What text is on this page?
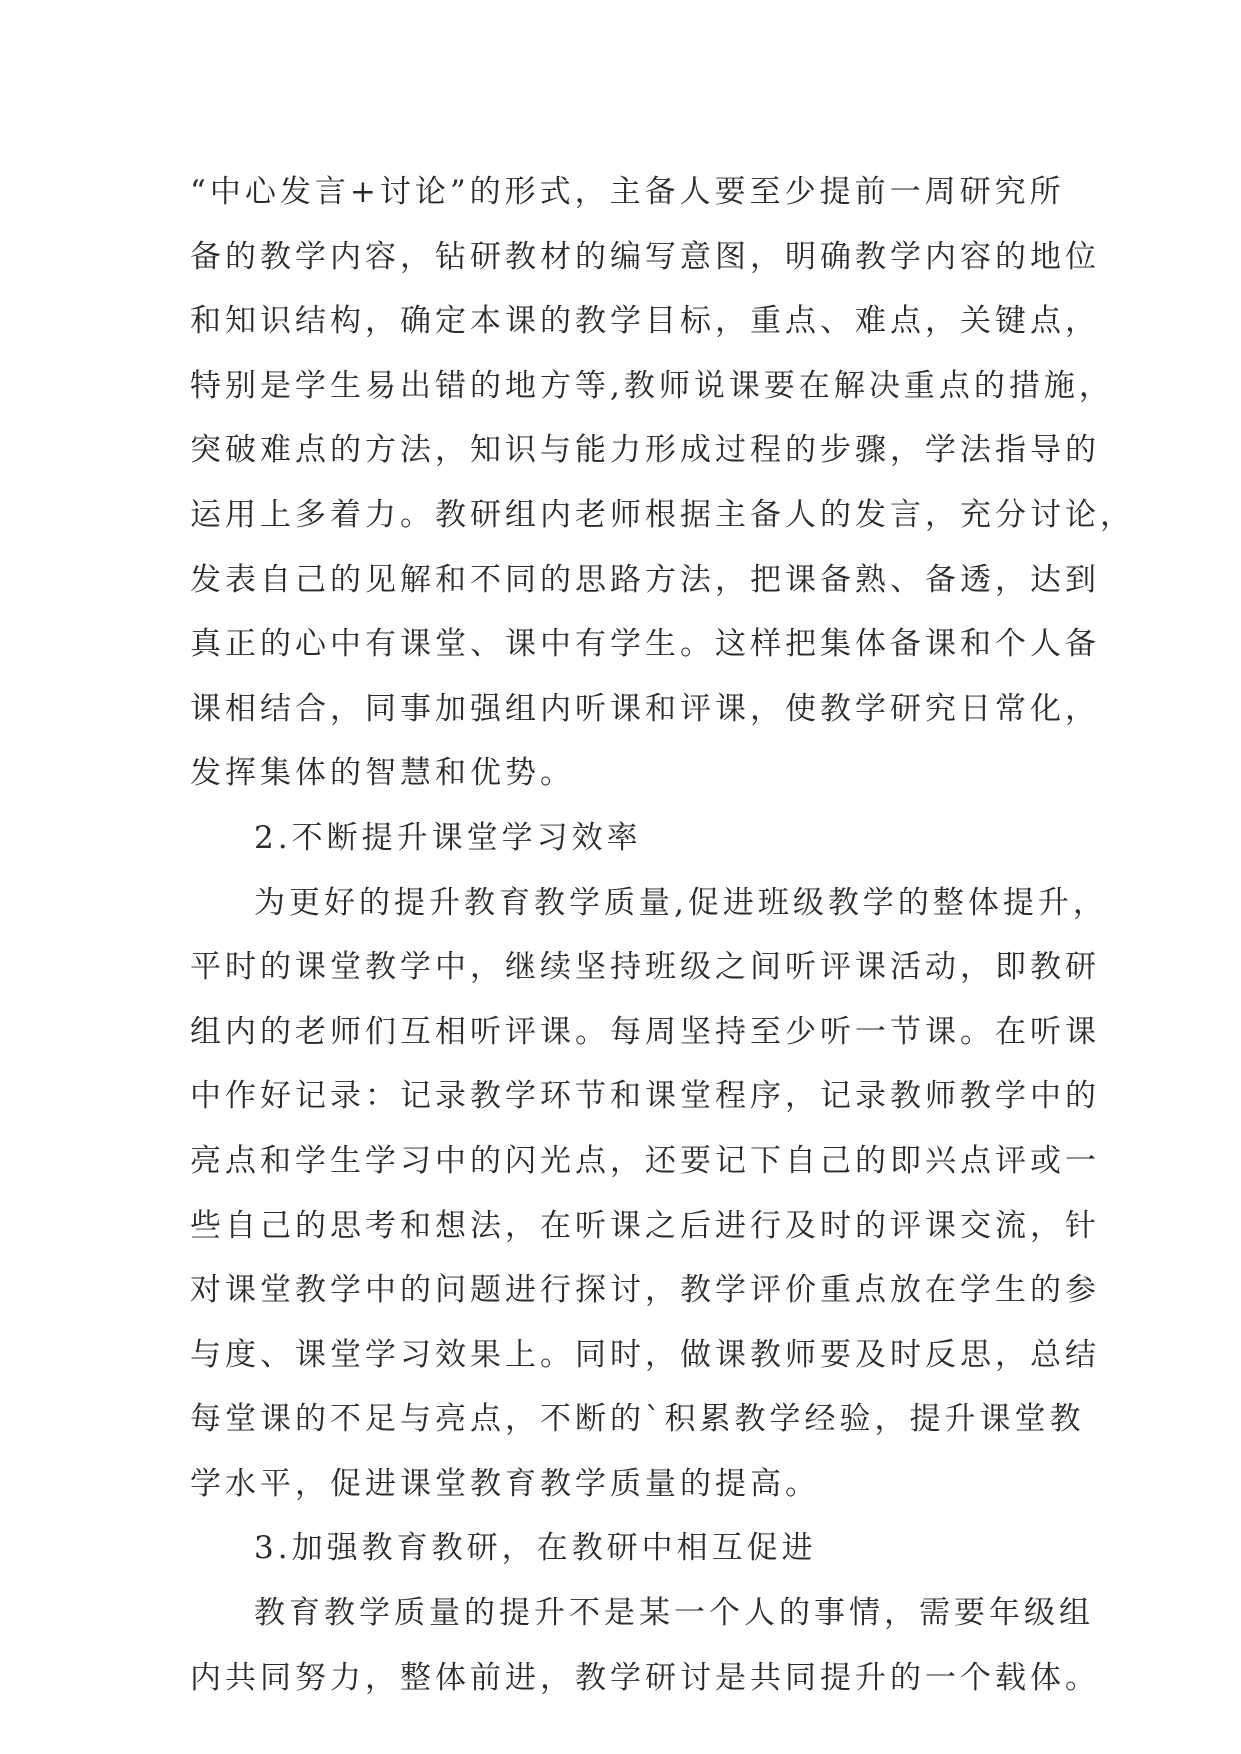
“中心发言+讨论”的形式，主备人要至少提前一周研究所
备的教学内容，钻研教材的编写意图，明确教学内容的地位
和知识结构，确定本课的教学目标，重点、难点，关键点，
特别是学生易出错的地方等,教师说课要在解决重点的措施，
突破难点的方法，知识与能力形成过程的步骤，学法指导的
运用上多着力。教研组内老师根据主备人的发言，充分讨论，
发表自己的见解和不同的思路方法，把课备熟、备透，达到
真正的心中有课堂、课中有学生。这样把集体备课和个人备
课相结合，同事加强组内听课和评课，使教学研究日常化，
发挥集体的智慧和优势。
2.不断提升课堂学习效率
为更好的提升教育教学质量,促进班级教学的整体提升，
平时的课堂教学中，继续坚持班级之间听评课活动，即教研
组内的老师们互相听评课。每周坚持至少听一节课。在听课
中作好记录：记录教学环节和课堂程序，记录教师教学中的
亮点和学生学习中的闪光点，还要记下自己的即兴点评或一
些自己的思考和想法，在听课之后进行及时的评课交流，针
对课堂教学中的问题进行探讨，教学评价重点放在学生的参
与度、课堂学习效果上。同时，做课教师要及时反思，总结
每堂课的不足与亮点，不断的`积累教学经验，提升课堂教
学水平，促进课堂教育教学质量的提高。
3.加强教育教研，在教研中相互促进
教育教学质量的提升不是某一个人的事情，需要年级组
内共同努力，整体前进，教学研讨是共同提升的一个载体。
